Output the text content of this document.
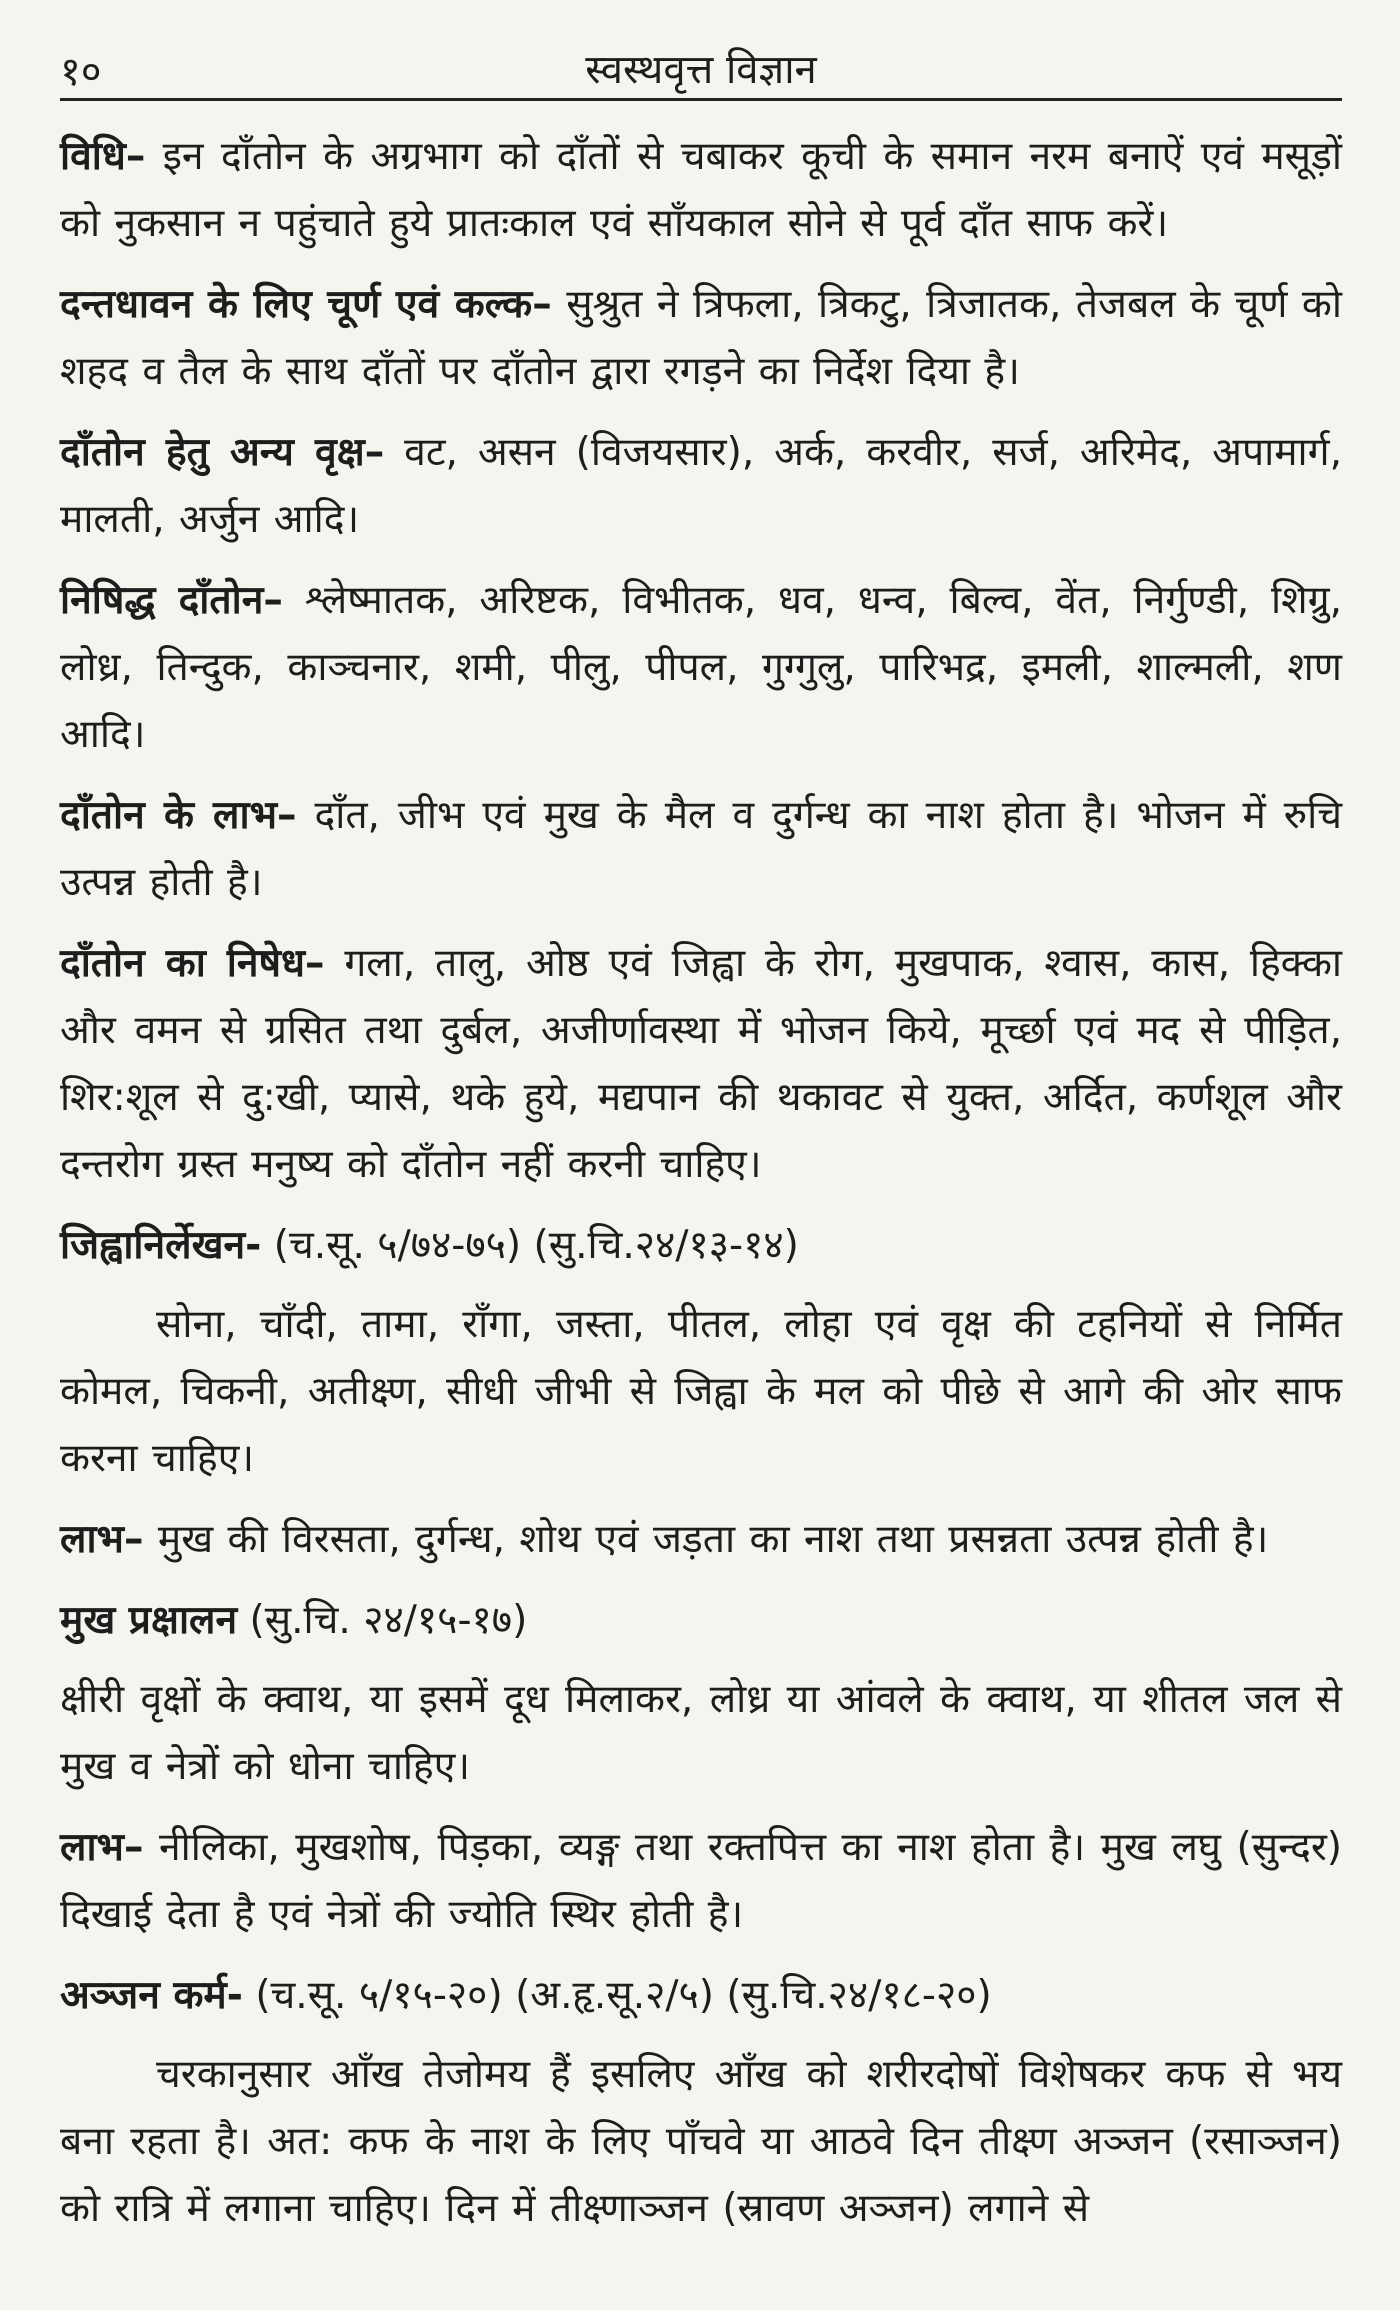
१०	स्वस्थवृत्त विज्ञान

विधि– इन दाँतोन के अग्रभाग को दाँतों से चबाकर कूची के समान नरम बनाऐं एवं मसूड़ों को नुकसान न पहुंचाते हुये प्रातःकाल एवं साँयकाल सोने से पूर्व दाँत साफ करें।

दन्तधावन के लिए चूर्ण एवं कल्क– सुश्रुत ने त्रिफला, त्रिकटु, त्रिजातक, तेजबल के चूर्ण को शहद व तैल के साथ दाँतों पर दाँतोन द्वारा रगड़ने का निर्देश दिया है।

दाँतोन हेतु अन्य वृक्ष– वट, असन (विजयसार), अर्क, करवीर, सर्ज, अरिमेद, अपामार्ग, मालती, अर्जुन आदि।

निषिद्ध दाँतोन– श्लेष्मातक, अरिष्टक, विभीतक, धव, धन्व, बिल्व, वेंत, निर्गुण्डी, शिग्रु, लोध्र, तिन्दुक, काञ्चनार, शमी, पीलु, पीपल, गुग्गुलु, पारिभद्र, इमली, शाल्मली, शण आदि।

दाँतोन के लाभ– दाँत, जीभ एवं मुख के मैल व दुर्गन्ध का नाश होता है। भोजन में रुचि उत्पन्न होती है।

दाँतोन का निषेध– गला, तालु, ओष्ठ एवं जिह्वा के रोग, मुखपाक, श्वास, कास, हिक्का और वमन से ग्रसित तथा दुर्बल, अजीर्णावस्था में भोजन किये, मूर्च्छा एवं मद से पीड़ित, शिर:शूल से दु:खी, प्यासे, थके हुये, मद्यपान की थकावट से युक्त, अर्दित, कर्णशूल और दन्तरोग ग्रस्त मनुष्य को दाँतोन नहीं करनी चाहिए।

जिह्वानिर्लेखन- (च.सू. ५/७४-७५) (सु.चि.२४/१३-१४)

सोना, चाँदी, तामा, राँगा, जस्ता, पीतल, लोहा एवं वृक्ष की टहनियों से निर्मित कोमल, चिकनी, अतीक्ष्ण, सीधी जीभी से जिह्वा के मल को पीछे से आगे की ओर साफ करना चाहिए।

लाभ– मुख की विरसता, दुर्गन्ध, शोथ एवं जड़ता का नाश तथा प्रसन्नता उत्पन्न होती है।

मुख प्रक्षालन (सु.चि. २४/१५-१७)

क्षीरी वृक्षों के क्वाथ, या इसमें दूध मिलाकर, लोध्र या आंवले के क्वाथ, या शीतल जल से मुख व नेत्रों को धोना चाहिए।

लाभ– नीलिका, मुखशोष, पिड़का, व्यङ्ग तथा रक्तपित्त का नाश होता है। मुख लघु (सुन्दर) दिखाई देता है एवं नेत्रों की ज्योति स्थिर होती है।

अञ्जन कर्म- (च.सू. ५/१५-२०) (अ.हृ.सू.२/५) (सु.चि.२४/१८-२०)

चरकानुसार आँख तेजोमय हैं इसलिए आँख को शरीरदोषों विशेषकर कफ से भय बना रहता है। अत: कफ के नाश के लिए पाँचवे या आठवे दिन तीक्ष्ण अञ्जन (रसाञ्जन) को रात्रि में लगाना चाहिए। दिन में तीक्ष्णाञ्जन (स्रावण अञ्जन) लगाने से
